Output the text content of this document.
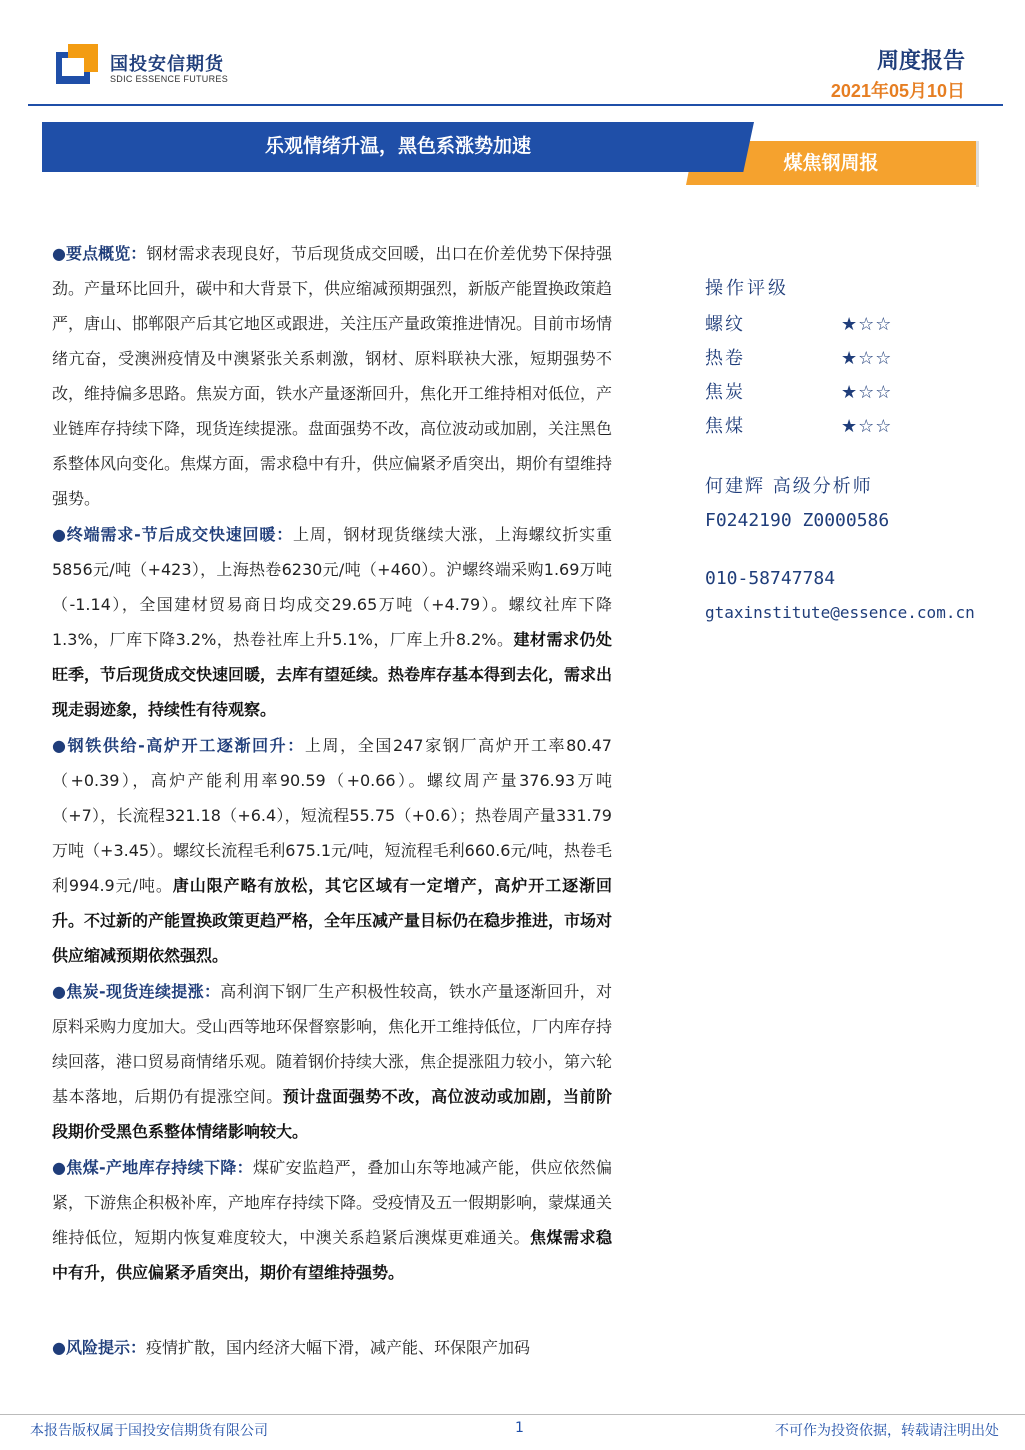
国投安信期货
SDIC ESSENCE FUTURES
周度报告
2021年05月10日
乐观情绪升温，黑色系涨势加速
煤焦钢周报

●要点概览：钢材需求表现良好，节后现货成交回暖，出口在价差优势下保持强劲。产量环比回升，碳中和大背景下，供应缩减预期强烈，新版产能置换政策趋严，唐山、邯郸限产后其它地区或跟进，关注压产量政策推进情况。目前市场情绪亢奋，受澳洲疫情及中澳紧张关系刺激，钢材、原料联袂大涨，短期强势不改，维持偏多思路。焦炭方面，铁水产量逐渐回升，焦化开工维持相对低位，产业链库存持续下降，现货连续提涨。盘面强势不改，高位波动或加剧，关注黑色系整体风向变化。焦煤方面，需求稳中有升，供应偏紧矛盾突出，期价有望维持强势。

●终端需求-节后成交快速回暖：上周，钢材现货继续大涨，上海螺纹折实重5856元/吨（+423），上海热卷6230元/吨（+460）。沪螺终端采购1.69万吨（-1.14），全国建材贸易商日均成交29.65万吨（+4.79）。螺纹社库下降1.3%，厂库下降3.2%，热卷社库上升5.1%，厂库上升8.2%。建材需求仍处旺季，节后现货成交快速回暖，去库有望延续。热卷库存基本得到去化，需求出现走弱迹象，持续性有待观察。

●钢铁供给-高炉开工逐渐回升：上周，全国247家钢厂高炉开工率80.47（+0.39），高炉产能利用率90.59（+0.66）。螺纹周产量376.93万吨（+7），长流程321.18（+6.4），短流程55.75（+0.6）；热卷周产量331.79万吨（+3.45）。螺纹长流程毛利675.1元/吨，短流程毛利660.6元/吨，热卷毛利994.9元/吨。唐山限产略有放松，其它区域有一定增产，高炉开工逐渐回升。不过新的产能置换政策更趋严格，全年压减产量目标仍在稳步推进，市场对供应缩减预期依然强烈。

●焦炭-现货连续提涨：高利润下钢厂生产积极性较高，铁水产量逐渐回升，对原料采购力度加大。受山西等地环保督察影响，焦化开工维持低位，厂内库存持续回落，港口贸易商情绪乐观。随着钢价持续大涨，焦企提涨阻力较小，第六轮基本落地，后期仍有提涨空间。预计盘面强势不改，高位波动或加剧，当前阶段期价受黑色系整体情绪影响较大。

●焦煤-产地库存持续下降：煤矿安监趋严，叠加山东等地减产能，供应依然偏紧，下游焦企积极补库，产地库存持续下降。受疫情及五一假期影响，蒙煤通关维持低位，短期内恢复难度较大，中澳关系趋紧后澳煤更难通关。焦煤需求稳中有升，供应偏紧矛盾突出，期价有望维持强势。

●风险提示：疫情扩散，国内经济大幅下滑，减产能、环保限产加码
操作评级
螺纹	★☆☆
热卷	★☆☆
焦炭	★☆☆
焦煤	★☆☆
何建辉 高级分析师
F0242190 Z0000586
010-58747784
gtaxinstitute@essence.com.cn
本报告版权属于国投安信期货有限公司	1	不可作为投资依据，转载请注明出处
